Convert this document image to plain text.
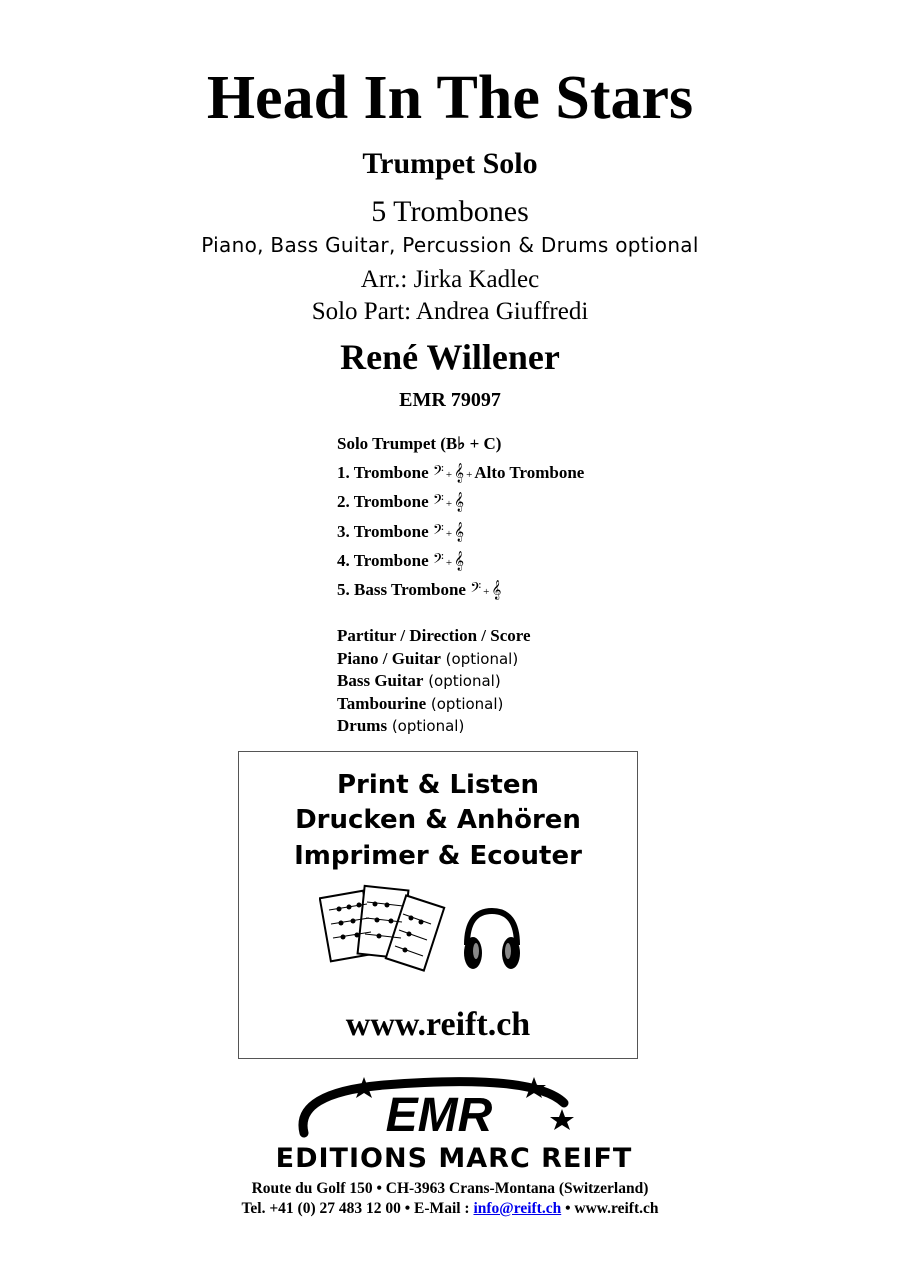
Head In The Stars
Trumpet Solo
5 Trombones
Piano, Bass Guitar, Percussion & Drums optional
Arr.: Jirka Kadlec
Solo Part: Andrea Giuffredi
René Willener
EMR 79097
Solo Trumpet (B♭ + C)
1. Trombone 𝄢 + 𝄞 + Alto Trombone
2. Trombone 𝄢 + 𝄞
3. Trombone 𝄢 + 𝄞
4. Trombone 𝄢 + 𝄞
5. Bass Trombone 𝄢 + 𝄞
Partitur / Direction / Score
Piano / Guitar (optional)
Bass Guitar (optional)
Tambourine (optional)
Drums (optional)
Print & Listen
Drucken & Anhören
Imprimer & Ecouter
www.reift.ch
EMR
EDITIONS MARC REIFT
Route du Golf 150 • CH-3963 Crans-Montana (Switzerland)
Tel. +41 (0) 27 483 12 00 • E-Mail : info@reift.ch • www.reift.ch
